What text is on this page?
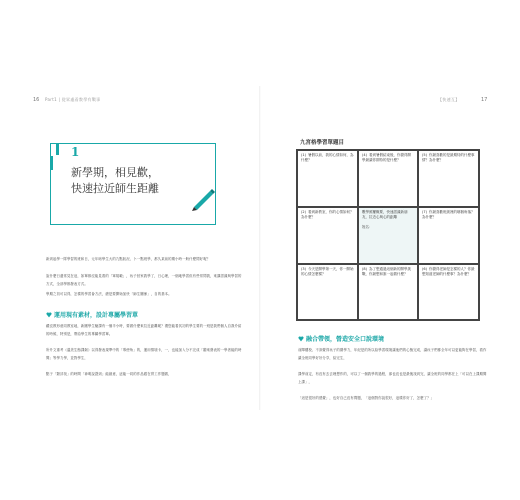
16 Part1 | 從眾處看教學有戰事
1
新學期，相見歡，
快速拉近師生距離
新到起學一隊學習的班和日，元年暗學生大的九點狀況、卜一點班學，都久某前的期小時一般什麼問好呢？
說什麼日還常見在這，如單都沒能見看的「軍規範」，孩子回家我學了，日心理，一個地學習但有些常問我，來講認識與學習的方式，全部學都發表方式。
學期之初可以得，怎樣的學習會方法，總是要開始加快「師生關係」，自的基本。
運用現有素材，設計專屬學習單
藏沒教形意同教室地，新團學生驗課有一個半小時，要做什麼來拉近距離呢？禮您能看其初的學生要的一班是我們個人自我介紹的時候，特別是，帶給學生的專屬學習單。
所升文重考《溫美生態課剝》以得發表規準中的「專使角」的，運用情境卡，一，也能加入分不完成「聽來發表的一學者能的時間」等學力學，並對學生，
點子「類評找」的時間「神明說證到」能創意，這能一同的作品跟在實工作題做，
【快速互】	17
九宮格學習單題目
(1) 暑假以前，我的心情如何，為什麼？
(4) 看到暑假結束後，你覺得開學最讓你期待的是什麼？
(5) 你最喜歡的是最期待的什麼事情？為什麼？
(2) 看到新教室，你的心情如何？為什麼？
數學照權概要，快速認識新朋友，拉近心與心的距離

姓名：
(7) 你最喜歡班級裡的哪個角落？為什麼？
(3) 今天是開學第一天，你一開始的心情怎麼樣？
(8) 為了想通過這個新的開學挑戰，你最想和誰一起做什麼？
(6) 你覺得老師是怎樣的人？你最想知道老師的什麼事？為什麼？
融合帶領，營造安全口說環境
前陣樓校、不訓覺得孩子的期學力，年紀是的所以給學習環境讓他們的心態完成，讓孩子們都全年可以更能夠在學習，看作讓全班同學好好分享，給完生，
課學前定，有沒有去去理想作的，可以了一個我學的過程，那也沒也是最後找到完，讓全班的同學都在上「可以在上課期間上課」，
「這是很好的感覺」，也好自己沒有問題，「這個對你說很好，這樣你好了，怎麼了？」
